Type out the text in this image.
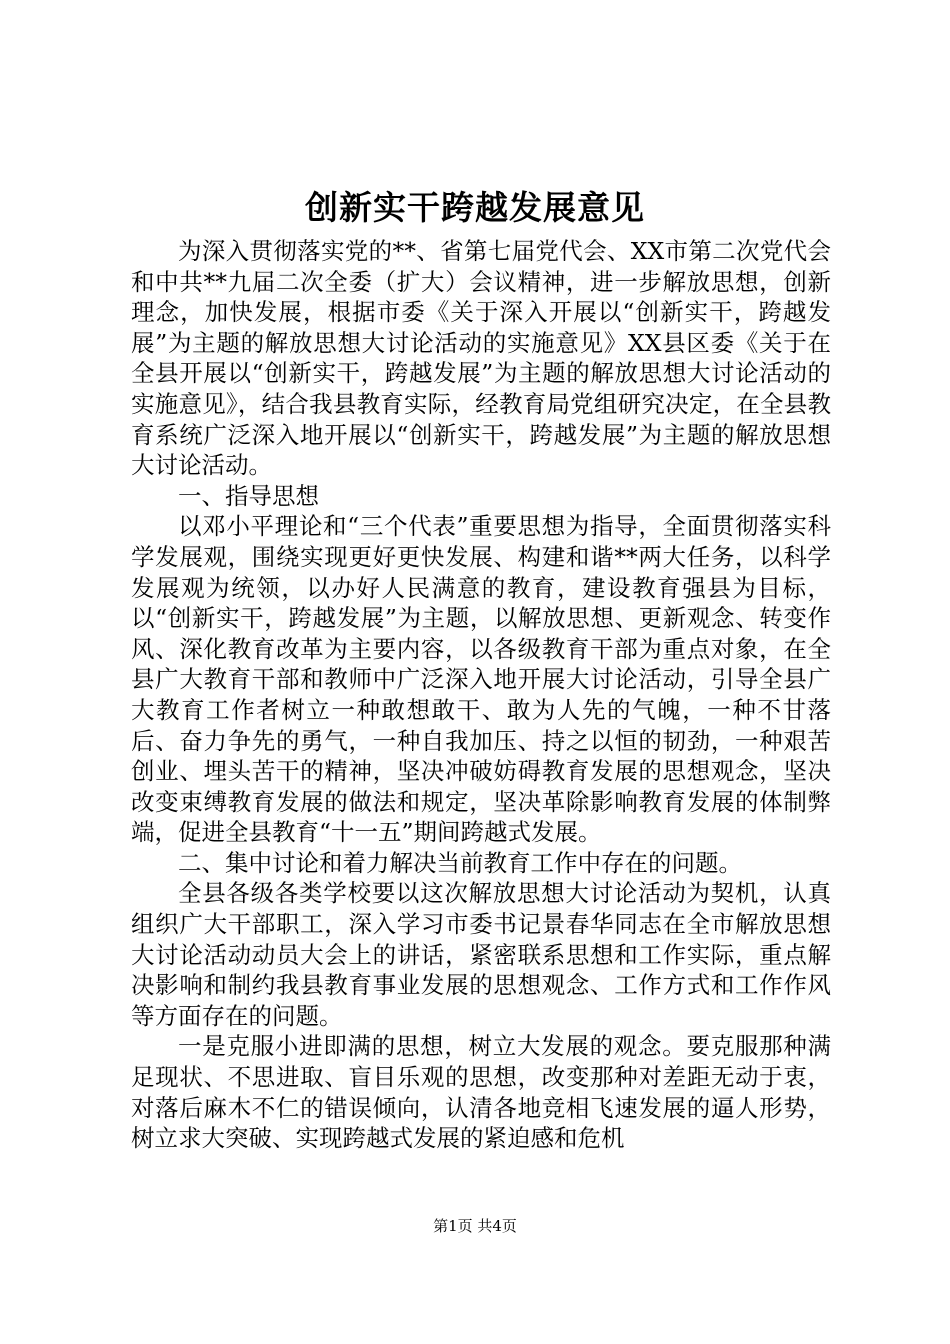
创新实干跨越发展意见

为深入贯彻落实党的**、省第七届党代会、XX市第二次党代会和中共**九届二次全委（扩大）会议精神，进一步解放思想，创新理念，加快发展，根据市委《关于深入开展以“创新实干，跨越发展”为主题的解放思想大讨论活动的实施意见》XX县区委《关于在全县开展以“创新实干，跨越发展”为主题的解放思想大讨论活动的实施意见》，结合我县教育实际，经教育局党组研究决定，在全县教育系统广泛深入地开展以“创新实干，跨越发展”为主题的解放思想大讨论活动。

一、指导思想

以邓小平理论和“三个代表”重要思想为指导，全面贯彻落实科学发展观，围绕实现更好更快发展、构建和谐**两大任务，以科学发展观为统领，以办好人民满意的教育，建设教育强县为目标，以“创新实干，跨越发展”为主题，以解放思想、更新观念、转变作风、深化教育改革为主要内容，以各级教育干部为重点对象，在全县广大教育干部和教师中广泛深入地开展大讨论活动，引导全县广大教育工作者树立一种敢想敢干、敢为人先的气魄，一种不甘落后、奋力争先的勇气，一种自我加压、持之以恒的韧劲，一种艰苦创业、埋头苦干的精神，坚决冲破妨碍教育发展的思想观念，坚决改变束缚教育发展的做法和规定，坚决革除影响教育发展的体制弊端，促进全县教育“十一五”期间跨越式发展。

二、集中讨论和着力解决当前教育工作中存在的问题。

全县各级各类学校要以这次解放思想大讨论活动为契机，认真组织广大干部职工，深入学习市委书记景春华同志在全市解放思想大讨论活动动员大会上的讲话，紧密联系思想和工作实际，重点解决影响和制约我县教育事业发展的思想观念、工作方式和工作作风等方面存在的问题。

一是克服小进即满的思想，树立大发展的观念。要克服那种满足现状、不思进取、盲目乐观的思想，改变那种对差距无动于衷，对落后麻木不仁的错误倾向，认清各地竞相飞速发展的逼人形势，树立求大突破、实现跨越式发展的紧迫感和危机

第1页 共4页
